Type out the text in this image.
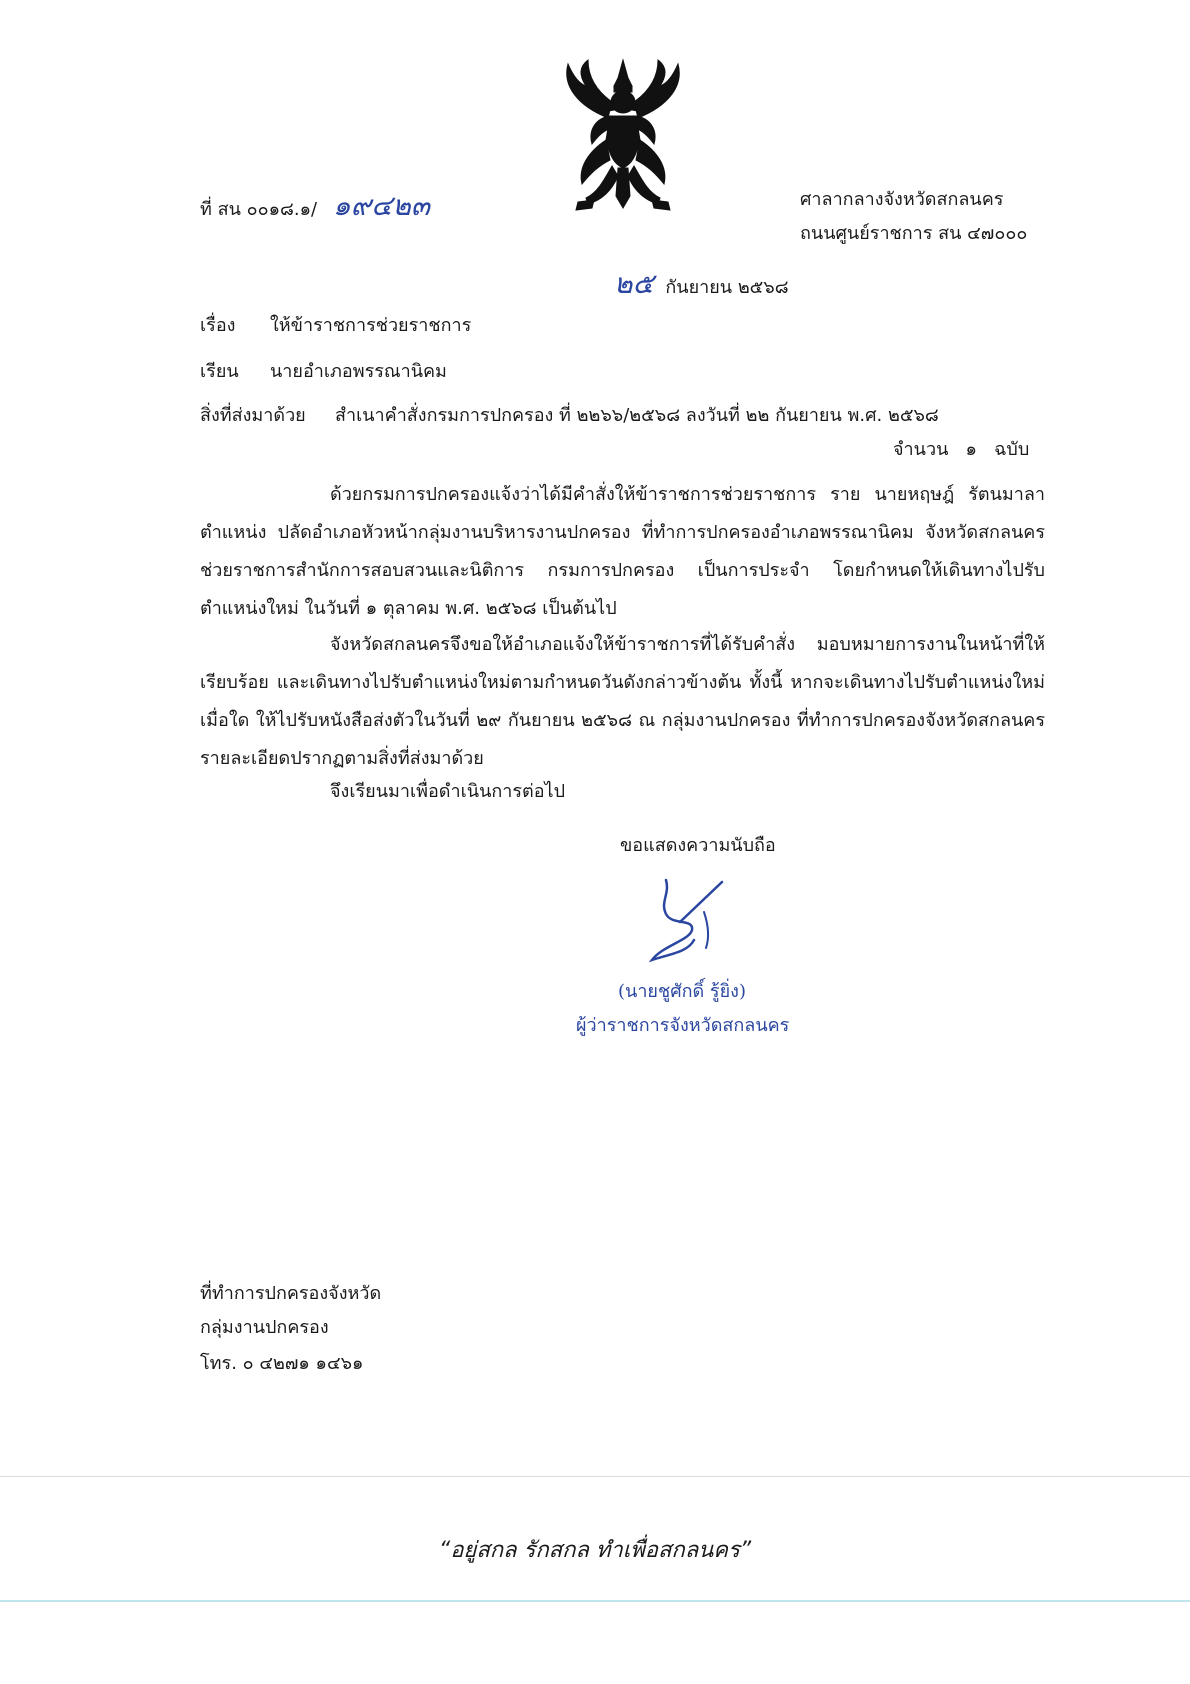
ที่ สน ๐๐๑๘.๑/ ๑๙๔๒๓	ศาลากลางจังหวัดสกลนคร
ถนนศูนย์ราชการ สน ๔๗๐๐๐
๒๕ กันยายน ๒๕๖๘
เรื่อง ให้ข้าราชการช่วยราชการ
เรียน นายอำเภอพรรณานิคม
สิ่งที่ส่งมาด้วย สำเนาคำสั่งกรมการปกครอง ที่ ๒๒๖๖/๒๕๖๘ ลงวันที่ ๒๒ กันยายน พ.ศ. ๒๕๖๘
จำนวน   ๑   ฉบับ
ด้วยกรมการปกครองแจ้งว่าได้มีคำสั่งให้ข้าราชการช่วยราชการ ราย นายหฤษฎ์ รัตนมาลา ตำแหน่ง ปลัดอำเภอหัวหน้ากลุ่มงานบริหารงานปกครอง ที่ทำการปกครองอำเภอพรรณานิคม จังหวัดสกลนคร ช่วยราชการสำนักการสอบสวนและนิติการ กรมการปกครอง เป็นการประจำ โดยกำหนดให้เดินทางไปรับตำแหน่งใหม่ ในวันที่ ๑ ตุลาคม พ.ศ. ๒๕๖๘ เป็นต้นไป
จังหวัดสกลนครจึงขอให้อำเภอแจ้งให้ข้าราชการที่ได้รับคำสั่ง มอบหมายการงานในหน้าที่ให้เรียบร้อย และเดินทางไปรับตำแหน่งใหม่ตามกำหนดวันดังกล่าวข้างต้น ทั้งนี้ หากจะเดินทางไปรับตำแหน่งใหม่เมื่อใด ให้ไปรับหนังสือส่งตัวในวันที่ ๒๙ กันยายน ๒๕๖๘ ณ กลุ่มงานปกครอง ที่ทำการปกครองจังหวัดสกลนคร รายละเอียดปรากฏตามสิ่งที่ส่งมาด้วย
จึงเรียนมาเพื่อดำเนินการต่อไป
ขอแสดงความนับถือ
(นายชูศักดิ์ รู้ยิ่ง)
ผู้ว่าราชการจังหวัดสกลนคร
ที่ทำการปกครองจังหวัด
กลุ่มงานปกครอง
โทร. ๐ ๔๒๗๑ ๑๔๖๑
“อยู่สกล รักสกล ทำเพื่อสกลนคร”
